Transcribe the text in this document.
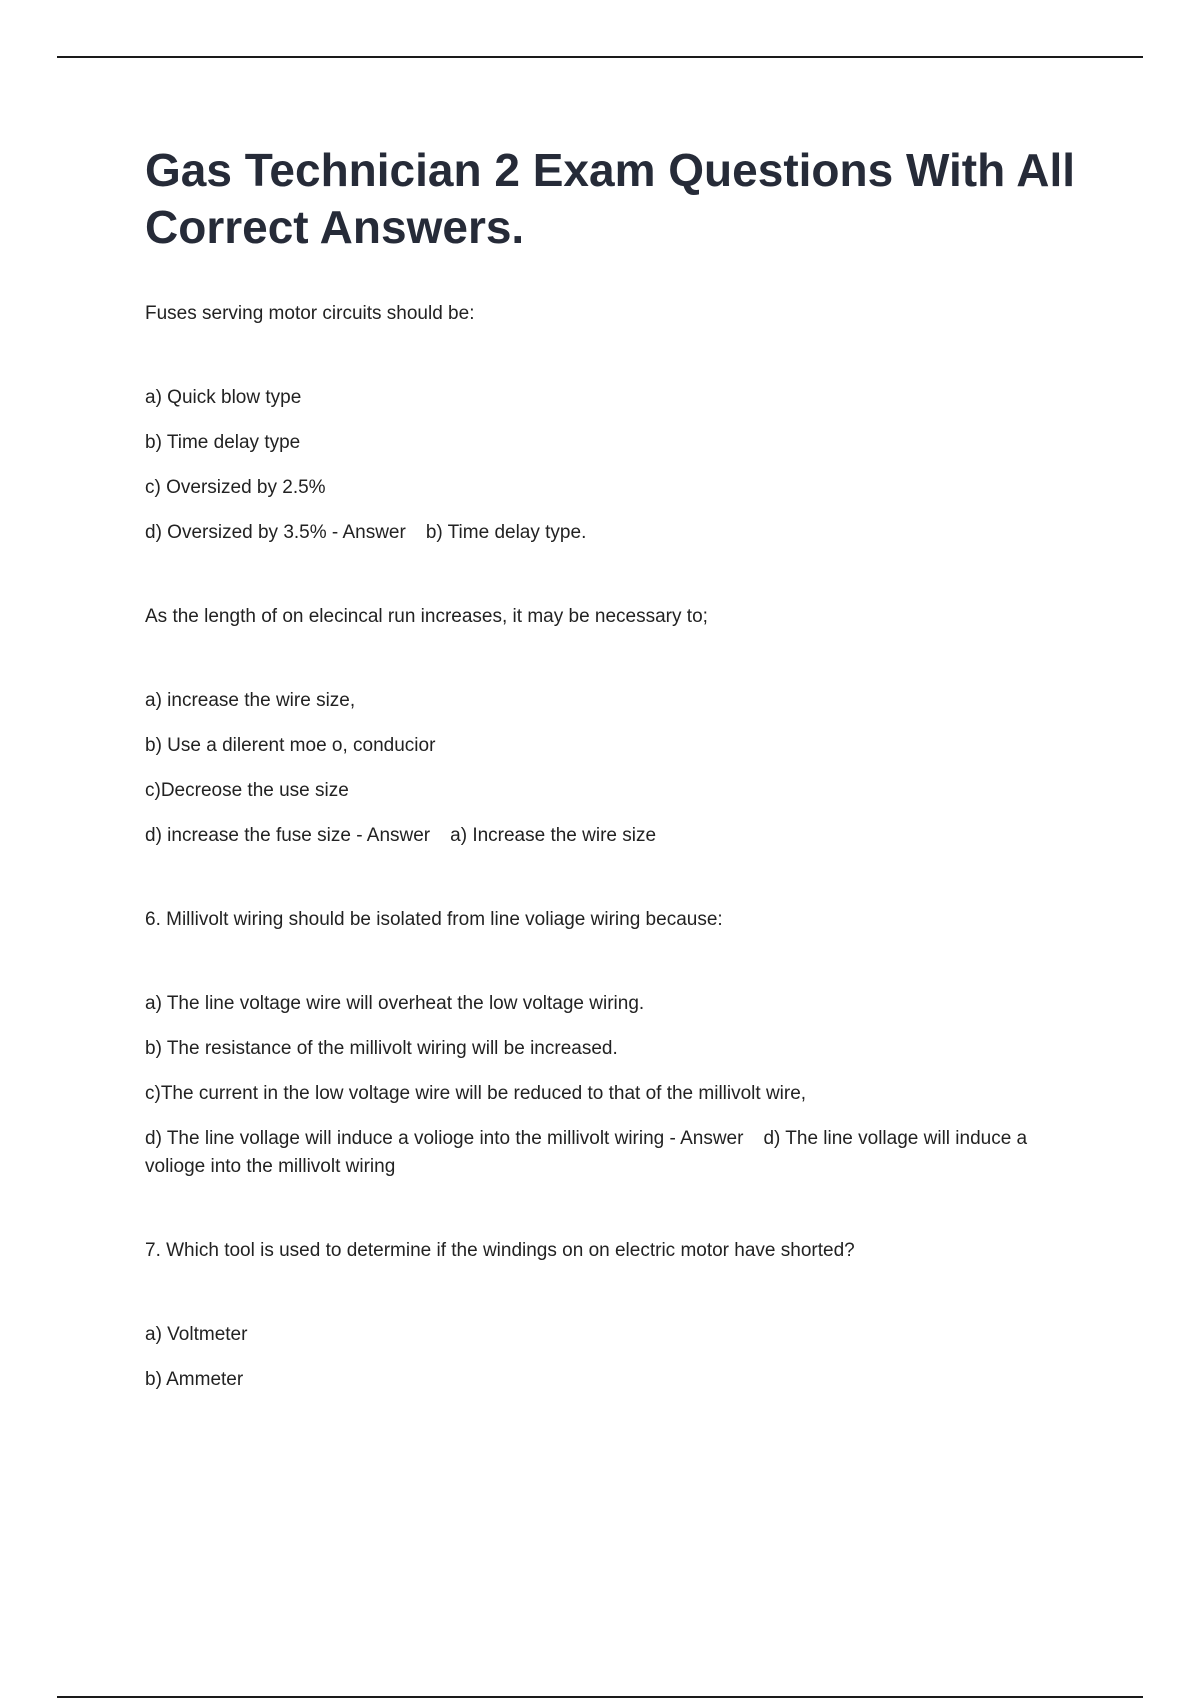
Gas Technician 2 Exam Questions With All Correct Answers.

Fuses serving motor circuits should be:

a) Quick blow type

b) Time delay type

c) Oversized by 2.5%

d) Oversized by 3.5% - Answer b) Time delay type.

As the length of on elecincal run increases, it may be necessary to;

a) increase the wire size,

b) Use a dilerent moe o, conducior

c)Decreose the use size

d) increase the fuse size - Answer a) Increase the wire size

6. Millivolt wiring should be isolated from line voliage wiring because:

a) The line voltage wire will overheat the low voltage wiring.

b) The resistance of the millivolt wiring will be increased.

c)The current in the low voltage wire will be reduced to that of the millivolt wire,

d) The line vollage will induce a volioge into the millivolt wiring - Answer d) The line vollage will induce a volioge into the millivolt wiring

7. Which tool is used to determine if the windings on on electric motor have shorted?

a) Voltmeter

b) Ammeter
